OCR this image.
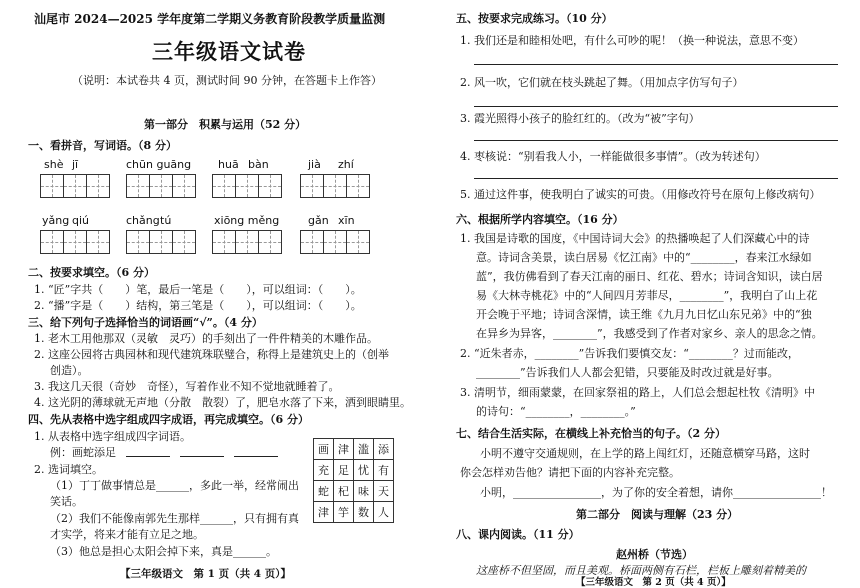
汕尾市 2024—2025 学年度第二学期义务教育阶段教学质量监测
三年级语文试卷
（说明：本试卷共 4 页，测试时间 90 分钟，在答题卡上作答）
第一部分　积累与运用（52 分）
一、看拼音，写词语。（8 分）
shè jī	chūn guāng huā bàn	jià zhí
yǎng qiú	chǎng tú	xiōng měng	gǎn xīn
二、按要求填空。（6 分）
1. “匠”字共（　　）笔，最后一笔是（　　），可以组词：（　　）。
2. “播”字是（　　）结构，第三笔是（　　），可以组词：（　　）。
三、给下列句子选择恰当的词语画“√”。（4 分）
1. 老木工用他那双（灵敏　灵巧）的手刻出了一件件精美的木雕作品。
2. 这座公园将古典园林和现代建筑珠联璧合，称得上是建筑史上的（创举
创造）。
3. 我这几天很（奇妙　奇怪），写着作业不知不觉地就睡着了。
4. 这光阴的薄球就无声地（分散　散裂）了，肥皂水落了下来，洒到眼睛里。
四、先从表格中选字组成四字成语，再完成填空。（6 分）
1. 从表格中选字组成四字词语。
例：画蛇添足
2. 选词填空。
（1）丁丁做事情总是______，多此一举，经常闹出
笑话。
（2）我们不能像南郭先生那样______，只有拥有真
才实学，将来才能有立足之地。
（3）他总是担心太阳会掉下来，真是______。
画	津	滥	添
充	足	忧	有
蛇	杞	味	天
津	竽	数	人
【三年级语文　第 1 页（共 4 页）】
五、按要求完成练习。（10 分）
1. 我们还是和睦相处吧，有什么可吵的呢！（换一种说法，意思不变）
2. 风一吹，它们就在枝头跳起了舞。（用加点字仿写句子）
3. 霞光照得小孩子的脸红红的。（改为“被”字句）
4. 枣核说：“别看我人小，一样能做很多事情”。（改为转述句）
5. 通过这件事，使我明白了诚实的可贵。（用修改符号在原句上修改病句）
六、根据所学内容填空。（16 分）
1. 我国是诗歌的国度，《中国诗词大会》的热播唤起了人们深藏心中的诗
意。诗词含美景，读白居易《忆江南》中的“________，春来江水绿如
蓝”，我仿佛看到了春天江南的丽日、红花、碧水；诗词含知识，读白居
易《大林寺桃花》中的“人间四月芳菲尽，________”，我明白了山上花
开会晚于平地；诗词含深情，读王维《九月九日忆山东兄弟》中的“独
在异乡为异客，________”，我感受到了作者对家乡、亲人的思念之情。
2. “近朱者赤，________”告诉我们要慎交友：“________？过而能改，
________”告诉我们人人都会犯错，只要能及时改过就是好事。
3. 清明节，细雨蒙蒙，在回家祭祖的路上，人们总会想起杜牧《清明》中
的诗句：“________，________。”
七、结合生活实际，在横线上补充恰当的句子。（2 分）
小明不遵守交通规则，在上学的路上闯红灯，还随意横穿马路，这时
你会怎样劝告他？请把下面的内容补充完整。
小明，________________，为了你的安全着想，请你________________！
第二部分　阅读与理解（23 分）
八、课内阅读。（11 分）
赵州桥（节选）
这座桥不但坚固，而且美观。桥面两侧有石栏，栏板上雕刻着精美的
【三年级语文　第 2 页（共 4 页）】
